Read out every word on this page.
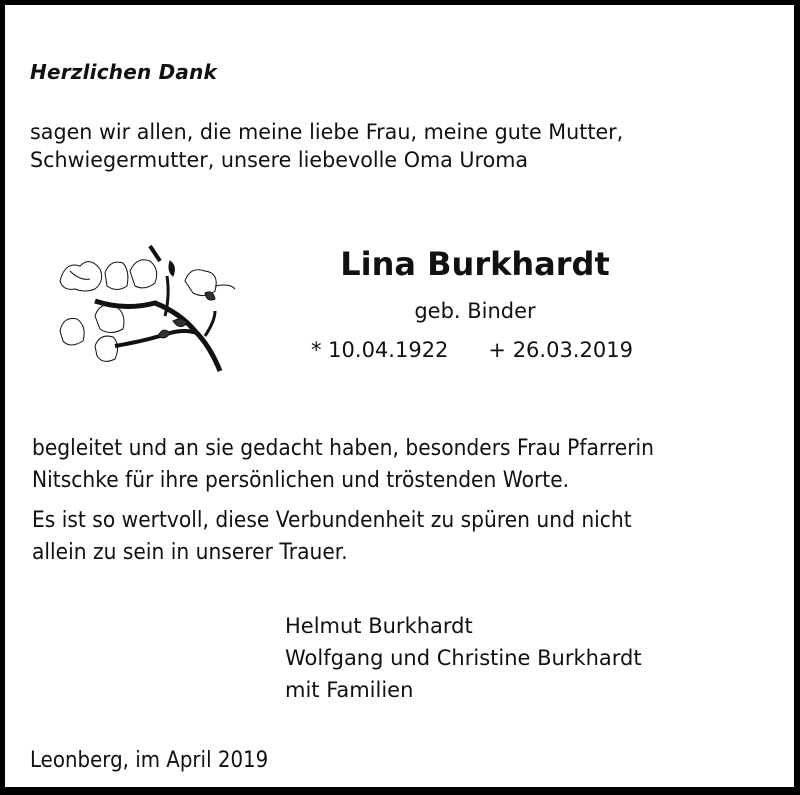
Herzlichen Dank
sagen wir allen, die meine liebe Frau, meine gute Mutter,
Schwiegermutter, unsere liebevolle Oma Uroma
Lina Burkhardt
geb. Binder
* 10.04.1922 + 26.03.2019
begleitet und an sie gedacht haben, besonders Frau Pfarrerin
Nitschke für ihre persönlichen und tröstenden Worte.
Es ist so wertvoll, diese Verbundenheit zu spüren und nicht
allein zu sein in unserer Trauer.
Helmut Burkhardt
Wolfgang und Christine Burkhardt
mit Familien
Leonberg, im April 2019
